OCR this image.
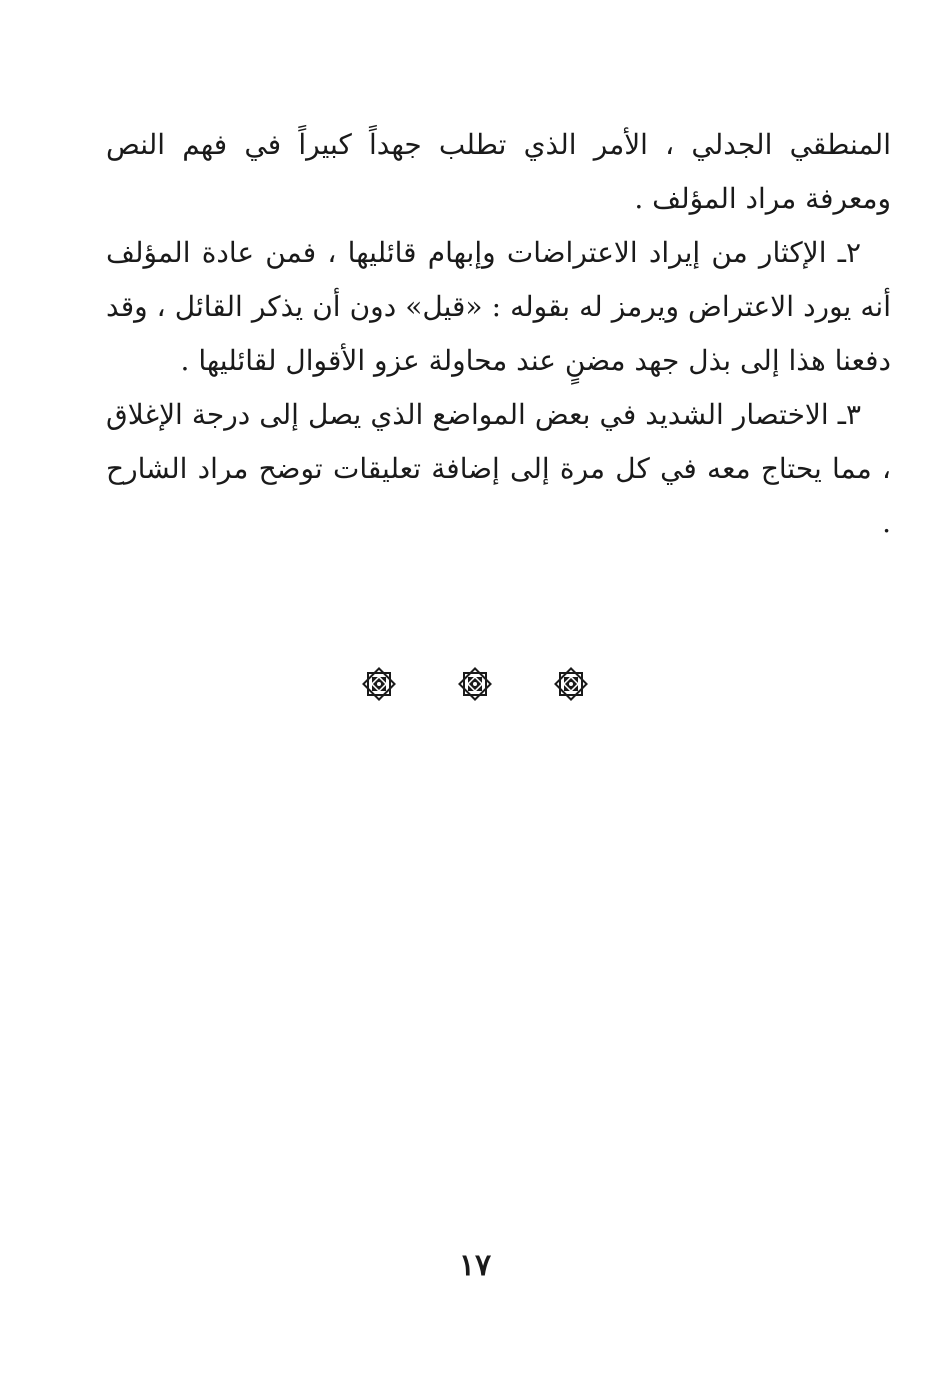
المنطقي الجدلي ، الأمر الذي تطلب جهداً كبيراً في فهم النص ومعرفة مراد المؤلف .

٢ـ الإكثار من إيراد الاعتراضات وإبهام قائليها ، فمن عادة المؤلف أنه يورد الاعتراض ويرمز له بقوله : «قيل» دون أن يذكر القائل ، وقد دفعنا هذا إلى بذل جهد مضنٍ عند محاولة عزو الأقوال لقائليها .

٣ـ الاختصار الشديد في بعض المواضع الذي يصل إلى درجة الإغلاق ، مما يحتاج معه في كل مرة إلى إضافة تعليقات توضح مراد الشارح .

١٧
